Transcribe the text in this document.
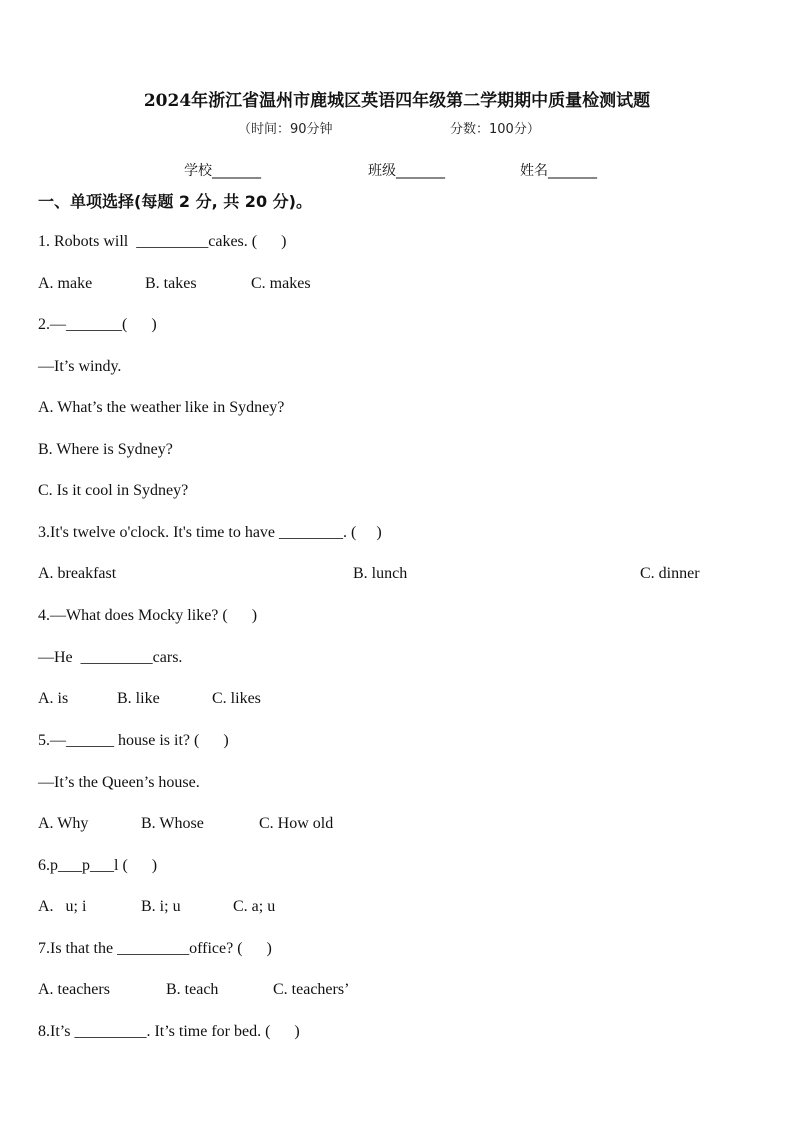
2024年浙江省温州市鹿城区英语四年级第二学期期中质量检测试题
（时间：90分钟	分数：100分）
学校_______	班级_______	姓名_______
一、单项选择(每题 2 分, 共 20 分)。
1. Robots will  _________cakes. (      )
A. make	B. takes	C. makes
2.—_______(      )
—It’s windy.
A. What’s the weather like in Sydney?
B. Where is Sydney?
C. Is it cool in Sydney?
3.It's twelve o'clock. It's time to have ________. (     )
A. breakfast	B. lunch	C. dinner
4.—What does Mocky like? (      )
—He  _________cars.
A. is	B. like	C. likes
5.—______ house is it? (      )
—It’s the Queen’s house.
A. Why	B. Whose	C. How old
6.p___p___l (      )
A.   u; i	B. i; u	C. a; u
7.Is that the _________office? (      )
A. teachers	B. teach	C. teachers’
8.It’s _________. It’s time for bed. (      )
